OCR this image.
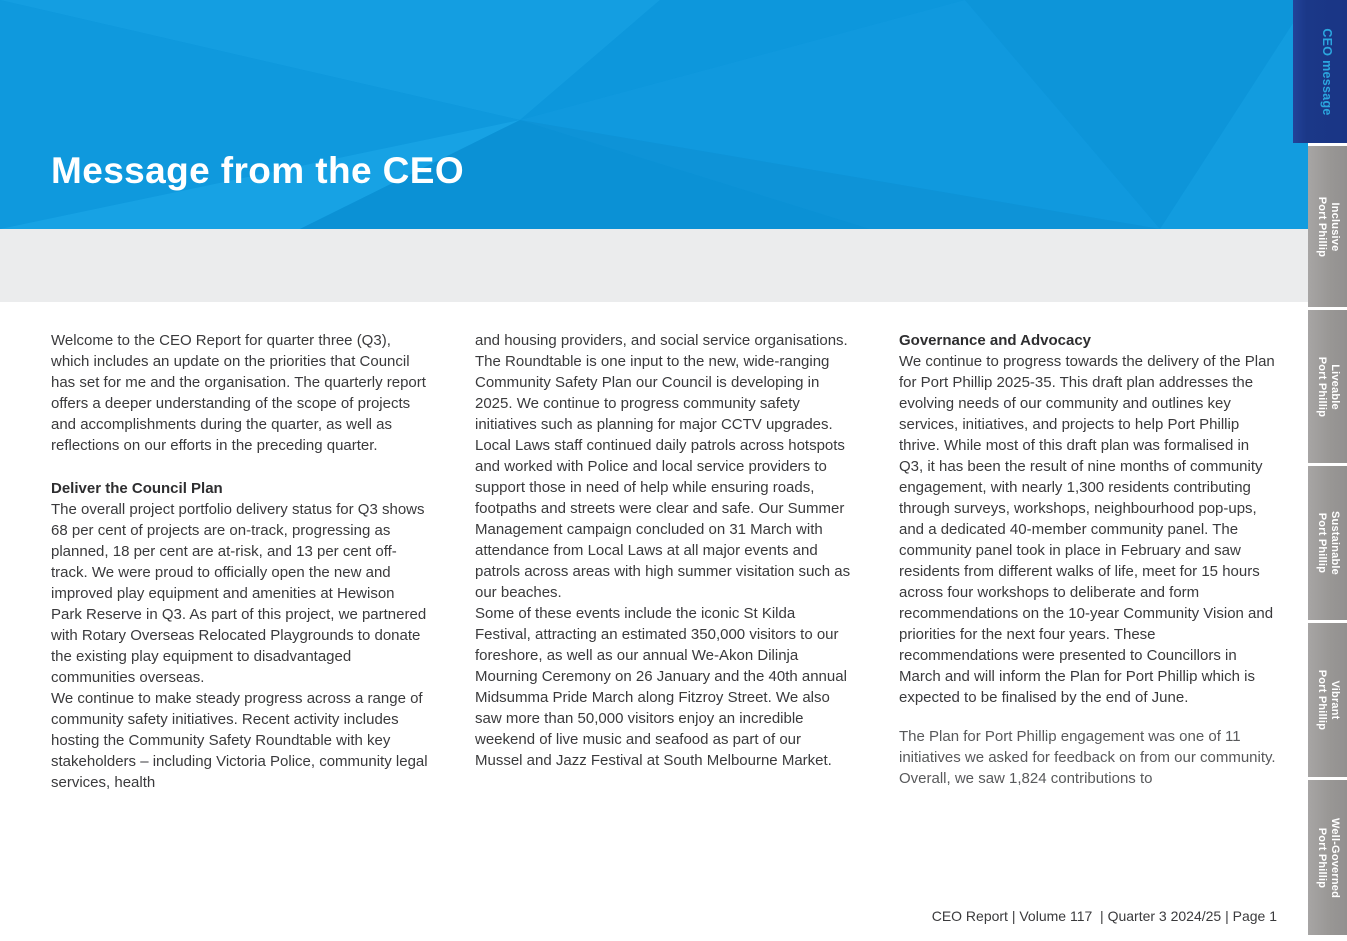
Message from the CEO

Welcome to the CEO Report for quarter three (Q3), which includes an update on the priorities that Council has set for me and the organisation. The quarterly report offers a deeper understanding of the scope of projects and accomplishments during the quarter, as well as reflections on our efforts in the preceding quarter.

Deliver the Council Plan

The overall project portfolio delivery status for Q3 shows 68 per cent of projects are on-track, progressing as planned, 18 per cent are at-risk, and 13 per cent off-track. We were proud to officially open the new and improved play equipment and amenities at Hewison Park Reserve in Q3. As part of this project, we partnered with Rotary Overseas Relocated Playgrounds to donate the existing play equipment to disadvantaged communities overseas.

We continue to make steady progress across a range of community safety initiatives. Recent activity includes hosting the Community Safety Roundtable with key stakeholders – including Victoria Police, community legal services, health

and housing providers, and social service organisations. The Roundtable is one input to the new, wide-ranging Community Safety Plan our Council is developing in 2025. We continue to progress community safety initiatives such as planning for major CCTV upgrades. Local Laws staff continued daily patrols across hotspots and worked with Police and local service providers to support those in need of help while ensuring roads, footpaths and streets were clear and safe. Our Summer Management campaign concluded on 31 March with attendance from Local Laws at all major events and patrols across areas with high summer visitation such as our beaches.

Some of these events include the iconic St Kilda Festival, attracting an estimated 350,000 visitors to our foreshore, as well as our annual We-Akon Dilinja Mourning Ceremony on 26 January and the 40th annual Midsumma Pride March along Fitzroy Street. We also saw more than 50,000 visitors enjoy an incredible weekend of live music and seafood as part of our Mussel and Jazz Festival at South Melbourne Market.

Governance and Advocacy

We continue to progress towards the delivery of the Plan for Port Phillip 2025-35. This draft plan addresses the evolving needs of our community and outlines key services, initiatives, and projects to help Port Phillip thrive. While most of this draft plan was formalised in Q3, it has been the result of nine months of community engagement, with nearly 1,300 residents contributing through surveys, workshops, neighbourhood pop-ups, and a dedicated 40-member community panel. The community panel took in place in February and saw residents from different walks of life, meet for 15 hours across four workshops to deliberate and form recommendations on the 10-year Community Vision and priorities for the next four years. These recommendations were presented to Councillors in March and will inform the Plan for Port Phillip which is expected to be finalised by the end of June.

The Plan for Port Phillip engagement was one of 11 initiatives we asked for feedback on from our community. Overall, we saw 1,824 contributions to

CEO Report | Volume 117  | Quarter 3 2024/25 | Page 1
CEO message
Inclusive
Port Phillip
Liveable
Port Phillip
Sustainable
Port Phillip
Vibrant
Port Phillip
Well-Governed
Port Phillip
